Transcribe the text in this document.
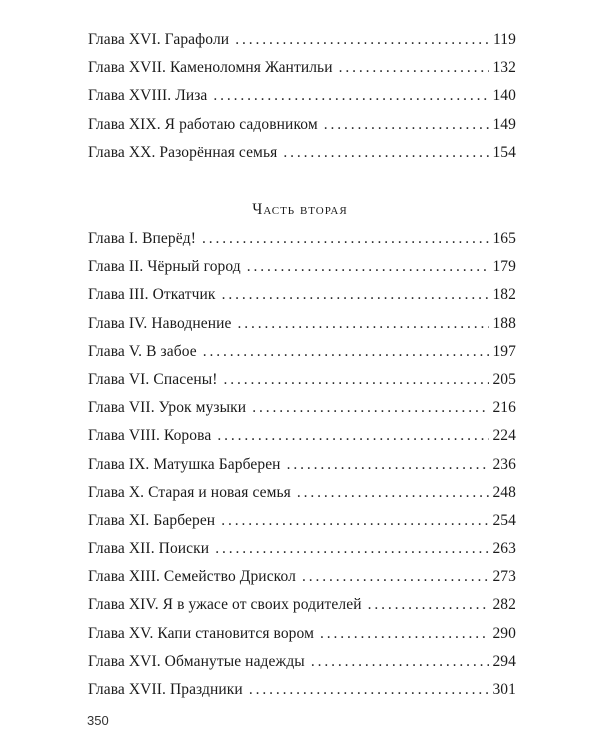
Глава XVI. Гарафоли . . .	119
Глава XVII. Каменоломня Жантильи . . .	132
Глава XVIII. Лиза . . .	140
Глава XIX. Я работаю садовником . . .	149
Глава XX. Разорённая семья . . .	154
Часть вторая
Глава I. Вперёд! . . .	165
Глава II. Чёрный город . . .	179
Глава III. Откатчик . . .	182
Глава IV. Наводнение . . .	188
Глава V. В забое . . .	197
Глава VI. Спасены! . . .	205
Глава VII. Урок музыки . . .	216
Глава VIII. Корова . . .	224
Глава IX. Матушка Барберен . . .	236
Глава X. Старая и новая семья . . .	248
Глава XI. Барберен . . .	254
Глава XII. Поиски . . .	263
Глава XIII. Семейство Дрискол . . .	273
Глава XIV. Я в ужасе от своих родителей . . .	282
Глава XV. Капи становится вором . . .	290
Глава XVI. Обманутые надежды . . .	294
Глава XVII. Праздники . . .	301
350
